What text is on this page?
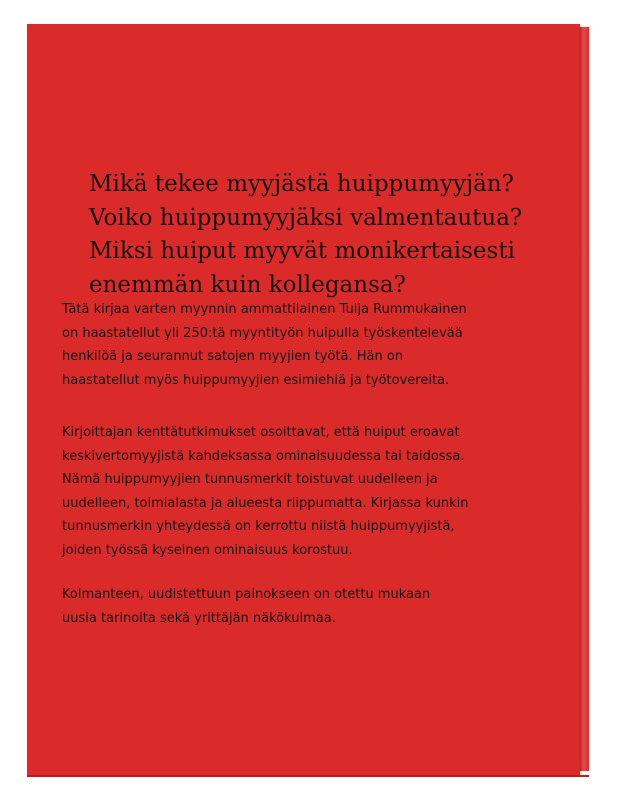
Mikä tekee myyjästä huippumyyjän?
Voiko huippumyyjäksi valmentautua?
Miksi huiput myyvät monikertaisesti
enemmän kuin kollegansa?

Tätä kirjaa varten myynnin ammattilainen Tuija Rummukainen
on haastatellut yli 250:tä myyntityön huipulla työskentelevää
henkilöä ja seurannut satojen myyjien työtä. Hän on
haastatellut myös huippumyyjien esimiehiä ja työtovereita.

Kirjoittajan kenttätutkimukset osoittavat, että huiput eroavat
keskivertomyyjistä kahdeksassa ominaisuudessa tai taidossa.
Nämä huippumyyjien tunnusmerkit toistuvat uudelleen ja
uudelleen, toimialasta ja alueesta riippumatta. Kirjassa kunkin
tunnusmerkin yhteydessä on kerrottu niistä huippumyyjistä,
joiden työssä kyseinen ominaisuus korostuu.

Kolmanteen, uudistettuun painokseen on otettu mukaan
uusia tarinoita sekä yrittäjän näkökulmaa.
